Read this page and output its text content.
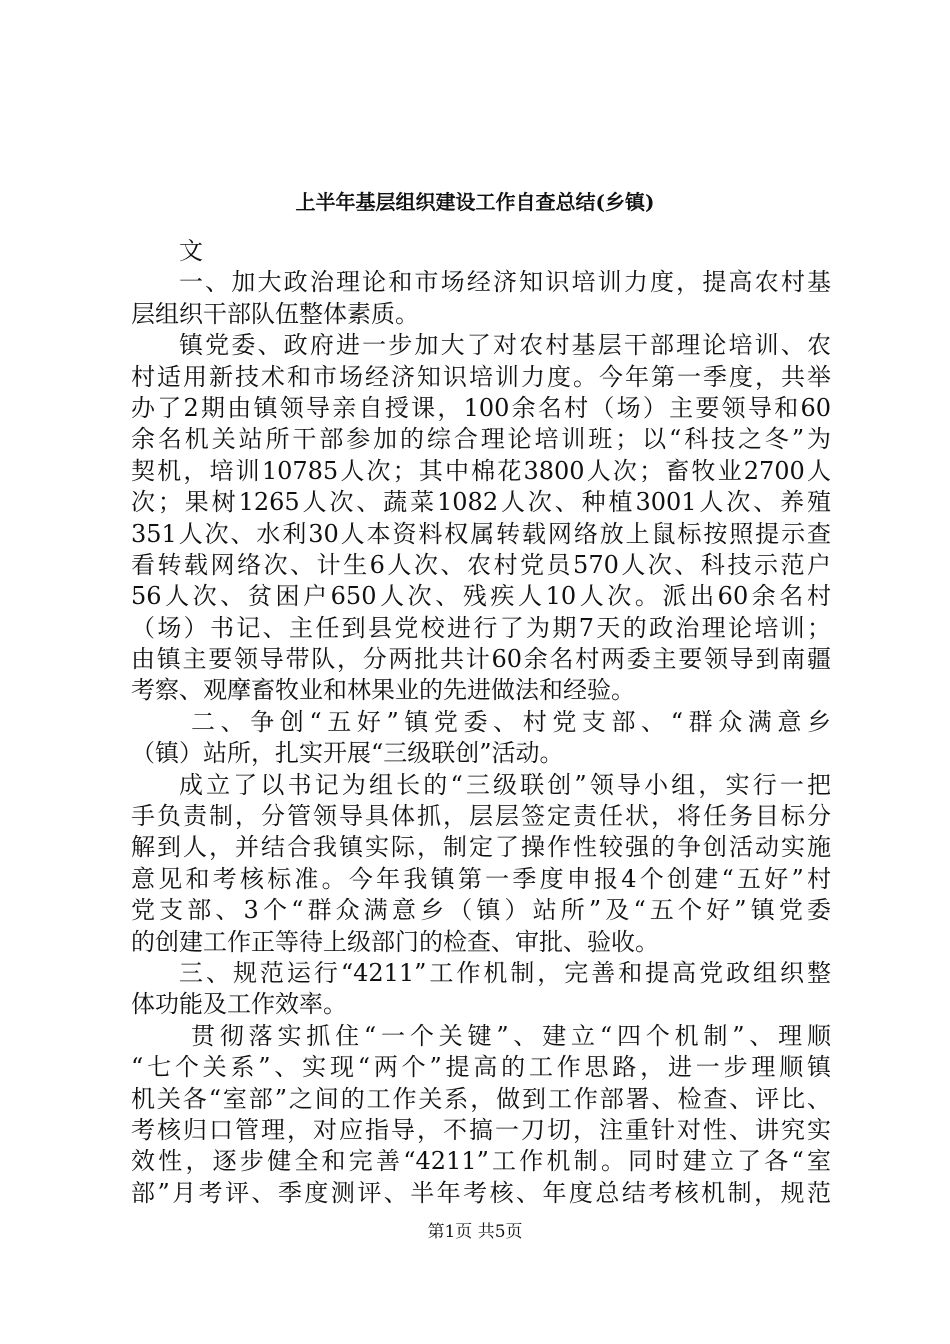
上半年基层组织建设工作自查总结(乡镇)
文
一、加大政治理论和市场经济知识培训力度，提高农村基
层组织干部队伍整体素质。
镇党委、政府进一步加大了对农村基层干部理论培训、农
村适用新技术和市场经济知识培训力度。今年第一季度，共举
办了2期由镇领导亲自授课，100余名村（场）主要领导和60
余名机关站所干部参加的综合理论培训班；以“科技之冬”为
契机，培训10785人次；其中棉花3800人次；畜牧业2700人
次；果树1265人次、蔬菜1082人次、种植3001人次、养殖
351人次、水利30人本资料权属转载网络放上鼠标按照提示查
看转载网络次、计生6人次、农村党员570人次、科技示范户
56人次、贫困户650人次、残疾人10人次。派出60余名村
（场）书记、主任到县党校进行了为期7天的政治理论培训；
由镇主要领导带队，分两批共计60余名村两委主要领导到南疆
考察、观摩畜牧业和林果业的先进做法和经验。
二、争创“五好”镇党委、村党支部、“群众满意乡
（镇）站所，扎实开展“三级联创”活动。
成立了以书记为组长的“三级联创”领导小组，实行一把
手负责制，分管领导具体抓，层层签定责任状，将任务目标分
解到人，并结合我镇实际，制定了操作性较强的争创活动实施
意见和考核标准。今年我镇第一季度申报4个创建“五好”村
党支部、3个“群众满意乡（镇）站所”及“五个好”镇党委
的创建工作正等待上级部门的检查、审批、验收。
三、规范运行“4211”工作机制，完善和提高党政组织整
体功能及工作效率。
贯彻落实抓住“一个关键”、建立“四个机制”、理顺
“七个关系”、实现“两个”提高的工作思路，进一步理顺镇
机关各“室部”之间的工作关系，做到工作部署、检查、评比、
考核归口管理，对应指导，不搞一刀切，注重针对性、讲究实
效性，逐步健全和完善“4211”工作机制。同时建立了各“室
部”月考评、季度测评、半年考核、年度总结考核机制，规范
第1页 共5页
